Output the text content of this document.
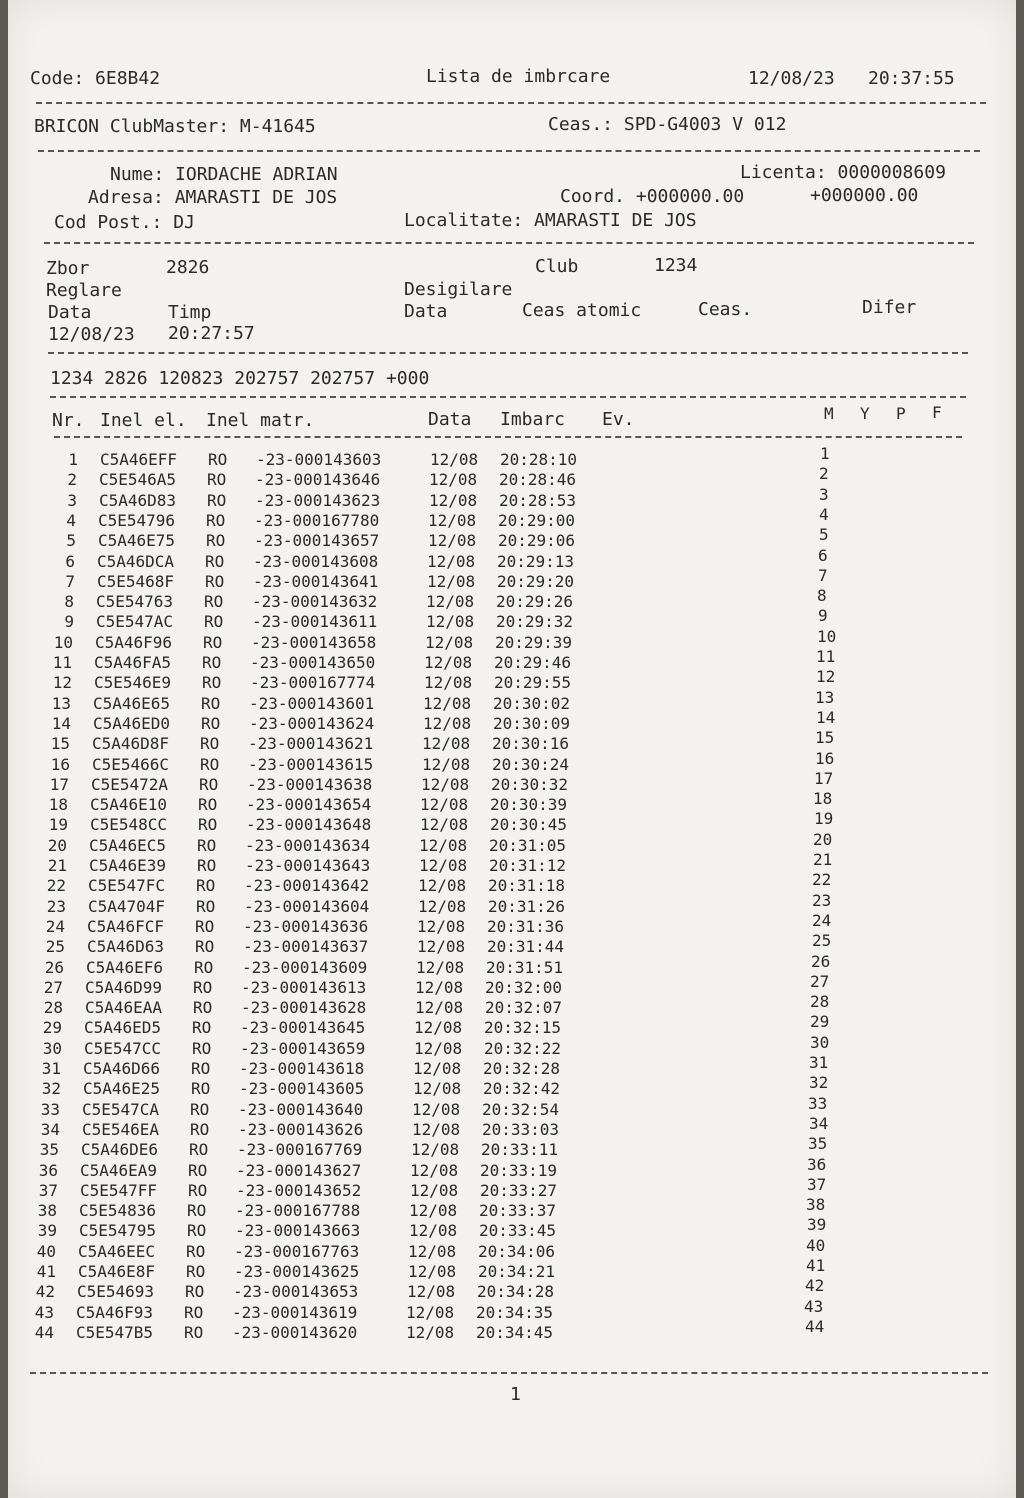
Code: 6E8B42	Lista de imbrcare	12/08/23 20:37:55
BRICON ClubMaster: M-41645	Ceas.: SPD-G4003 V 012
Nume: IORDACHE ADRIAN	Licenta: 0000008609
Adresa: AMARASTI DE JOS	Coord. +000000.00	+000000.00
Cod Post.: DJ	Localitate: AMARASTI DE JOS
Zbor	2826	Club	1234
Reglare	Desigilare
Data	Timp	Data	Ceas atomic	Ceas.	Difer
12/08/23 20:27:57
1234 2826 120823 202757 202757 +000
Nr. Inel el. Inel matr.	Data Imbarc Ev.	M Y P F
1 C5A46EFF RO -23-000143603	12/08 20:28:10	1
2 C5E546A5 RO -23-000143646	12/08 20:28:46	2
3 C5A46D83 RO -23-000143623	12/08 20:28:53	3
4 C5E54796 RO -23-000167780	12/08 20:29:00	4
5 C5A46E75 RO -23-000143657	12/08 20:29:06	5
6 C5A46DCA RO -23-000143608	12/08 20:29:13	6
7 C5E5468F RO -23-000143641	12/08 20:29:20	7
8 C5E54763 RO -23-000143632	12/08 20:29:26	8
9 C5E547AC RO -23-000143611	12/08 20:29:32	9
10 C5A46F96 RO -23-000143658	12/08 20:29:39	10
11 C5A46FA5 RO -23-000143650	12/08 20:29:46	11
12 C5E546E9 RO -23-000167774	12/08 20:29:55	12
13 C5A46E65 RO -23-000143601	12/08 20:30:02	13
14 C5A46ED0 RO -23-000143624	12/08 20:30:09	14
15 C5A46D8F RO -23-000143621	12/08 20:30:16	15
16 C5E5466C RO -23-000143615	12/08 20:30:24	16
17 C5E5472A RO -23-000143638	12/08 20:30:32	17
18 C5A46E10 RO -23-000143654	12/08 20:30:39	18
19 C5E548CC RO -23-000143648	12/08 20:30:45	19
20 C5A46EC5 RO -23-000143634	12/08 20:31:05	20
21 C5A46E39 RO -23-000143643	12/08 20:31:12	21
22 C5E547FC RO -23-000143642	12/08 20:31:18	22
23 C5A4704F RO -23-000143604	12/08 20:31:26	23
24 C5A46FCF RO -23-000143636	12/08 20:31:36	24
25 C5A46D63 RO -23-000143637	12/08 20:31:44	25
26 C5A46EF6 RO -23-000143609	12/08 20:31:51	26
27 C5A46D99 RO -23-000143613	12/08 20:32:00	27
28 C5A46EAA RO -23-000143628	12/08 20:32:07	28
29 C5A46ED5 RO -23-000143645	12/08 20:32:15	29
30 C5E547CC RO -23-000143659	12/08 20:32:22	30
31 C5A46D66 RO -23-000143618	12/08 20:32:28	31
32 C5A46E25 RO -23-000143605	12/08 20:32:42	32
33 C5E547CA RO -23-000143640	12/08 20:32:54	33
34 C5E546EA RO -23-000143626	12/08 20:33:03	34
35 C5A46DE6 RO -23-000167769	12/08 20:33:11	35
36 C5A46EA9 RO -23-000143627	12/08 20:33:19	36
37 C5E547FF RO -23-000143652	12/08 20:33:27	37
38 C5E54836 RO -23-000167788	12/08 20:33:37	38
39 C5E54795 RO -23-000143663	12/08 20:33:45	39
40 C5A46EEC RO -23-000167763	12/08 20:34:06	40
41 C5A46E8F RO -23-000143625	12/08 20:34:21	41
42 C5E54693 RO -23-000143653	12/08 20:34:28	42
43 C5A46F93 RO -23-000143619	12/08 20:34:35	43
44 C5E547B5 RO -23-000143620	12/08 20:34:45	44
1
